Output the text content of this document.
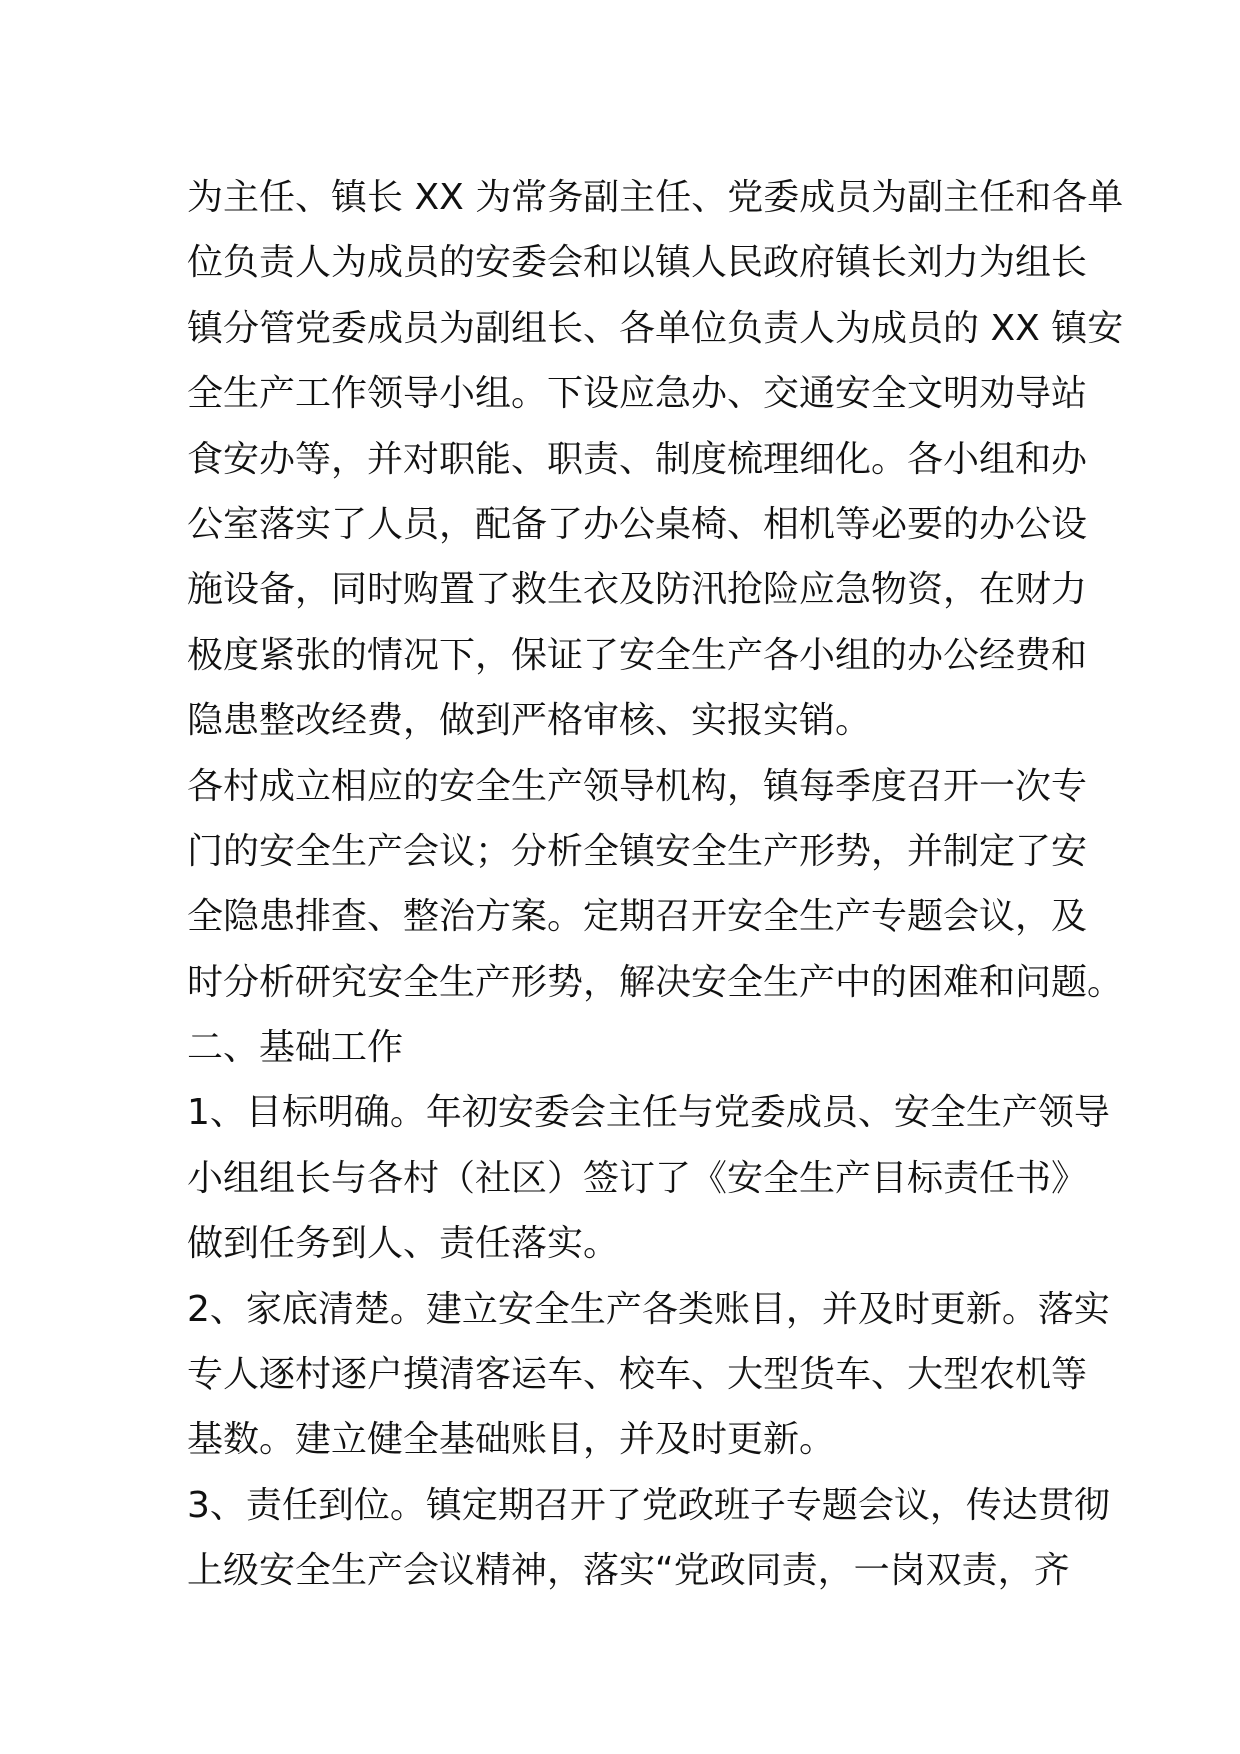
为主任、镇长 XX 为常务副主任、党委成员为副主任和各单
位负责人为成员的安委会和以镇人民政府镇长刘力为组长
镇分管党委成员为副组长、各单位负责人为成员的 XX 镇安
全生产工作领导小组。下设应急办、交通安全文明劝导站
食安办等，并对职能、职责、制度梳理细化。各小组和办
公室落实了人员，配备了办公桌椅、相机等必要的办公设
施设备，同时购置了救生衣及防汛抢险应急物资，在财力
极度紧张的情况下，保证了安全生产各小组的办公经费和
隐患整改经费，做到严格审核、实报实销。
各村成立相应的安全生产领导机构，镇每季度召开一次专
门的安全生产会议；分析全镇安全生产形势，并制定了安
全隐患排查、整治方案。定期召开安全生产专题会议，及
时分析研究安全生产形势，解决安全生产中的困难和问题。
二、基础工作
1、目标明确。年初安委会主任与党委成员、安全生产领导
小组组长与各村（社区）签订了《安全生产目标责任书》
做到任务到人、责任落实。
2、家底清楚。建立安全生产各类账目，并及时更新。落实
专人逐村逐户摸清客运车、校车、大型货车、大型农机等
基数。建立健全基础账目，并及时更新。
3、责任到位。镇定期召开了党政班子专题会议，传达贯彻
上级安全生产会议精神，落实“党政同责，一岗双责，齐
